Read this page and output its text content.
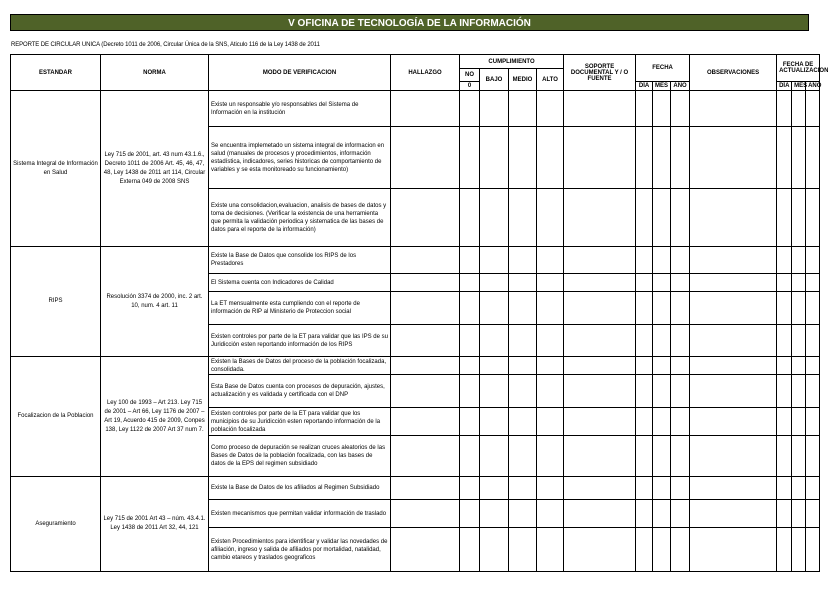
V OFICINA DE TECNOLOGÍA DE LA INFORMACIÓN
REPORTE DE CIRCULAR UNICA (Decreto 1011 de 2006, Circular Única de la SNS, Aticulo 116 de la Ley 1438 de 2011
ESTANDAR	NORMA	MODO DE VERIFICACION	HALLAZGO	CUMPLIMIENTO				SOPORTE DOCUMENTAL Y / O FUENTE	FECHA			OBSERVACIONES	FECHA DE ACTUALIZACION		
				NO	BAJO	MEDIO	ALTO								
				0					DÍA	MES	AÑO		DÍA	MES	AÑO
Sistema Integral de Información en Salud	Ley 715 de 2001, art. 43 num 43.1.6., Decreto 1011 de 2006 Art. 45, 46, 47, 48, Ley 1438 de 2011 art 114, Circular Externa 049 de 2008 SNS	Existe un responsable y/o responsables del Sistema de Información en la institución													
		Se encuentra implemetado un sistema integral de informacion en salud (manuales de procesos y procedimientos, información estadística, indicadores, series historicas de comportamiento de variables y se esta monitoreado su funcionamiento)													
		Existe una consolidacion,evaluacion, analisis de bases de datos y toma de decisiones. (Verificar la existencia de una herramienta que permita la validación periodica y sistematica de las bases de datos para el reporte de la información)													
RIPS	Resolución 3374 de 2000, inc. 2 art. 10, num. 4 art. 11	Existe la Base de Datos que consolide los RIPS de los Prestadores													
		El Sistema cuenta con Indicadores de Calidad													
		La ET mensualmente esta cumpliendo con el reporte de información de RIP al Ministerio de Proteccion social													
		Existen controles por parte de la ET para validar que las IPS de su Juridicción esten reportando información de los RIPS													
Focalizacion de la Poblacion	Ley 100 de 1993 – Art 213. Ley 715 de 2001 – Art 66, Ley 1176 de 2007 – Art 19, Acuerdo 415 de 2009, Conpes 138, Ley 1122 de 2007 Art 37 num 7.	Existen la Bases de Datos del proceso de la población focalizada, consolidada.													
		Esta Base de Datos cuenta con procesos de depuración, ajustes, actualización y es validada y certificada con el DNP													
		Existen controles por parte de la ET para validar que los municipios de su Juridicción esten reportando información de la población focalizada													
		Como proceso de depuración se realizan cruces aleatorios de las Bases de Datos de la población focalizada, con las bases de datos de la EPS del regimen subsidiado													
Aseguramiento	Ley 715 de 2001 Art 43 – núm. 43.4.1. Ley 1438 de 2011 Art 32, 44, 121	Existe la Base de Datos de los afiliados al Regimen Subsidiado													
		Existen mecanismos que permitan validar información de traslado													
		Existen Procedimientos para identificar y validar las novedades de afiliación, ingreso y salida de afiliados por mortalidad, natalidad, cambio etareos y traslados geograficos													
